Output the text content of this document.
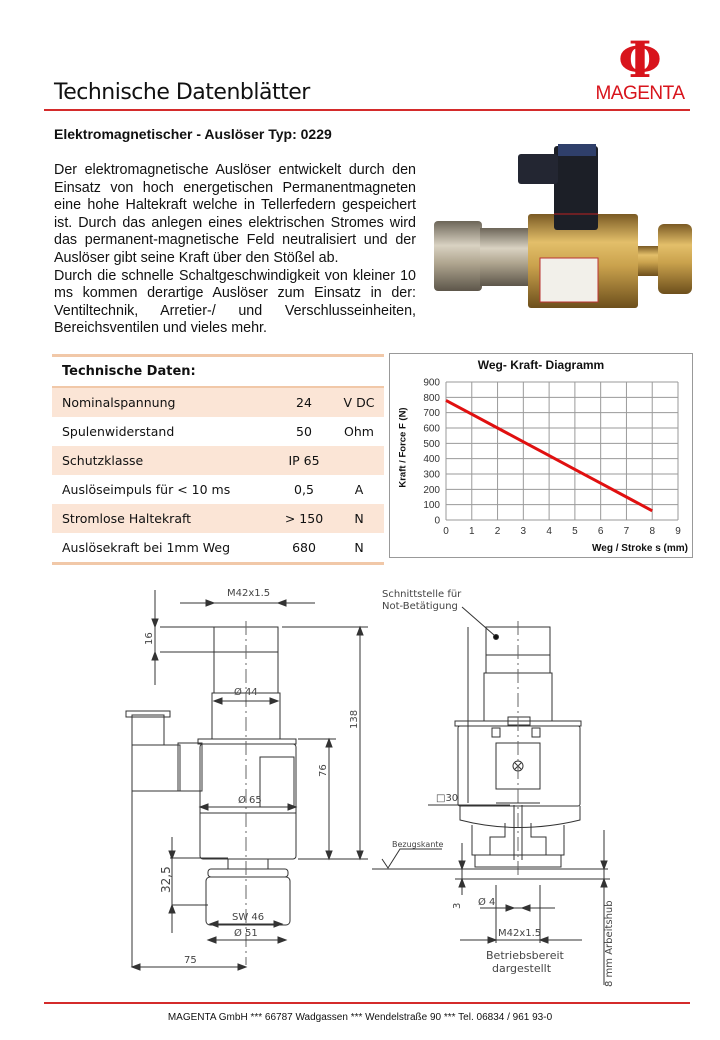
Technische Datenblätter
Φ
MAGENTA
Elektromagnetischer - Auslöser Typ: 0229

Der elektromagnetische Auslöser entwickelt durch den Einsatz von hoch energetischen Permanentmagneten eine hohe Haltekraft welche in Tellerfedern gespeichert ist. Durch das anlegen eines elektrischen Stromes wird das permanent-magnetische Feld neutralisiert und der Auslöser gibt seine Kraft über den Stößel ab.

Durch die schnelle Schaltgeschwindigkeit von kleiner 10 ms kommen derartige Auslöser zum Einsatz in der: Ventiltechnik, Arretier-/ und Verschlusseinheiten, Bereichsventilen und vieles mehr.

Technische Daten:
Nominalspannung	24	V DC
Spulenwiderstand	50	Ohm
Schutzklasse	IP 65
Auslöseimpuls für < 10 ms	0,5	A
Stromlose Haltekraft	> 150	N
Auslösekraft bei 1mm Weg	680	N
Weg- Kraft- Diagramm
Kraft / Force F (N)
Weg / Stroke s (mm)
0 1 2 3 4 5 6 7 8 9
0
100
200
300
400
500
600
700
800
900
M42x1.5
16
Ø 44
138
76
Ø 65
32,5
SW 46
Ø 51
75
Schnittstelle für
Not-Betätigung
□30
Bezugskante
3 Ø 4
M42x1.5
Betriebsbereit
dargestellt	8 mm Arbeitshub
MAGENTA GmbH *** 66787 Wadgassen *** Wendelstraße 90 *** Tel. 06834 / 961 93-0
